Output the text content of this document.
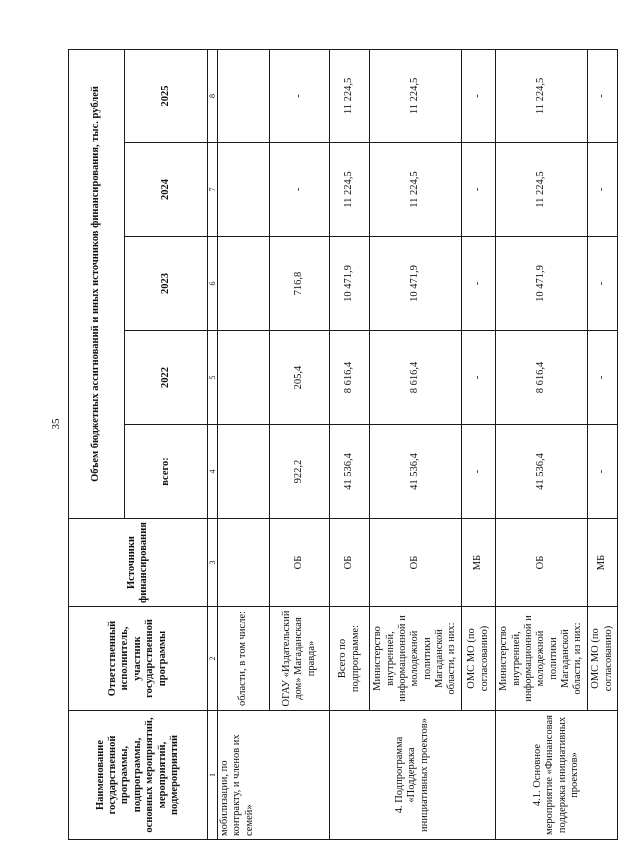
35
Наименование государственной программы, подпрограммы, основных мероприятий, мероприятий, подмероприятий	Ответственный исполнитель, участник государственной программы	Источники финансирования	Объем бюджетных ассигнований и иных источников финансирования, тыс. рублей				
			всего:	2022	2023	2024	2025
1	2	3	4	5	6	7	8
мобилизации, по контракту, и членов их семей»	области, в том числе:						
	ОГАУ «Издательский дом» Магаданская правда»	ОБ	922,2	205,4	716,8	-	-
4. Подпрограмма «Поддержка инициативных проектов»	Всего по подпрограмме:	ОБ	41 536,4	8 616,4	10 471,9	11 224,5	11 224,5
	Министерство внутренней, информационной и молодежной политики Магаданской области, из них:	ОБ	41 536,4	8 616,4	10 471,9	11 224,5	11 224,5
	ОМС МО (по согласованию)	МБ	-	-	-	-	-
4.1. Основное мероприятие «Финансовая поддержка инициативных проектов»	Министерство внутренней, информационной и молодежной политики Магаданской области, из них:	ОБ	41 536,4	8 616,4	10 471,9	11 224,5	11 224,5
	ОМС МО (по согласованию)	МБ	-	-	-	-	-
